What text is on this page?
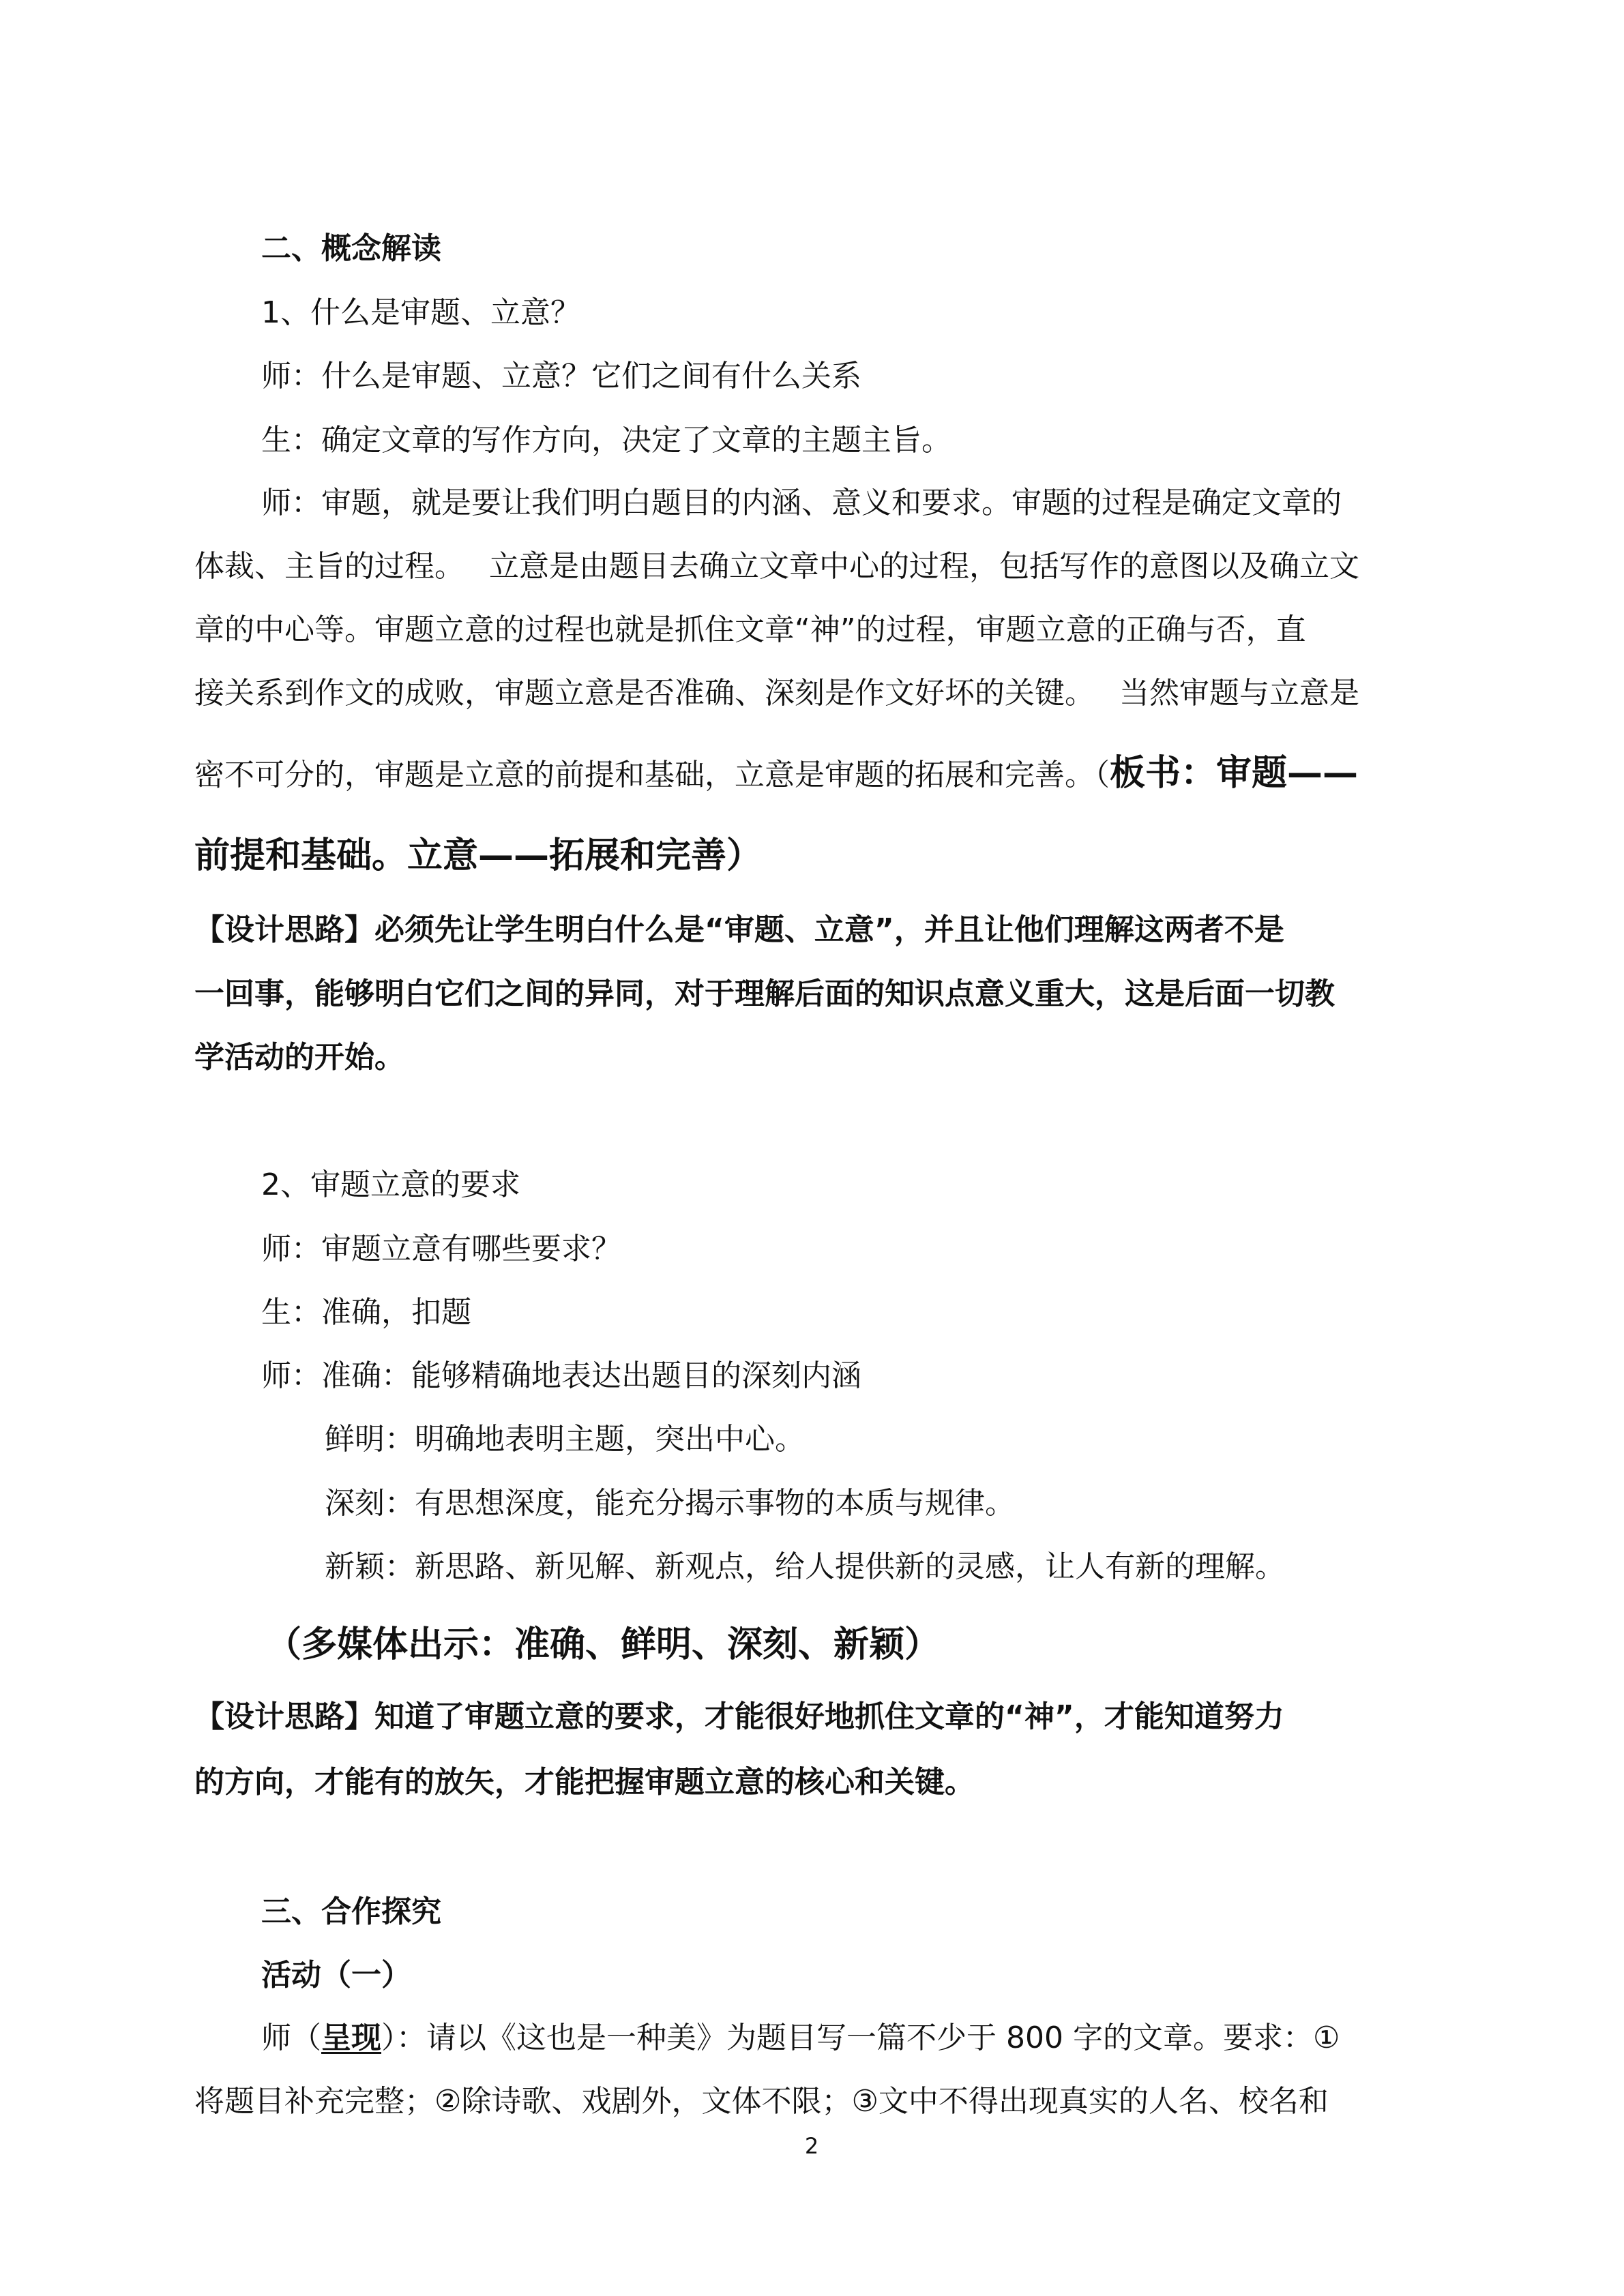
二、概念解读
1、什么是审题、立意？
师：什么是审题、立意？它们之间有什么关系
生：确定文章的写作方向，决定了文章的主题主旨。
师：审题，就是要让我们明白题目的内涵、意义和要求。审题的过程是确定文章的
体裁、主旨的过程。　 立意是由题目去确立文章中心的过程，包括写作的意图以及确立文
章的中心等。审题立意的过程也就是抓住文章“神”的过程，审题立意的正确与否，直
接关系到作文的成败，审题立意是否准确、深刻是作文好坏的关键。　 当然审题与立意是
密不可分的，审题是立意的前提和基础，立意是审题的拓展和完善。（板书：审题——
前提和基础。立意——拓展和完善）
【设计思路】必须先让学生明白什么是“审题、立意”，并且让他们理解这两者不是
一回事，能够明白它们之间的异同，对于理解后面的知识点意义重大，这是后面一切教
学活动的开始。
2、审题立意的要求
师：审题立意有哪些要求？
生：准确，扣题
师：准确：能够精确地表达出题目的深刻内涵
鲜明：明确地表明主题，突出中心。
深刻：有思想深度，能充分揭示事物的本质与规律。
新颖：新思路、新见解、新观点，给人提供新的灵感，让人有新的理解。
（多媒体出示：准确、鲜明、深刻、新颖）
【设计思路】知道了审题立意的要求，才能很好地抓住文章的“神”，才能知道努力
的方向，才能有的放矢，才能把握审题立意的核心和关键。
三、合作探究
活动（一）
师（呈现）：请以《这也是一种美》为题目写一篇不少于 800 字的文章。要求：①
将题目补充完整；②除诗歌、戏剧外，文体不限；③文中不得出现真实的人名、校名和
2
